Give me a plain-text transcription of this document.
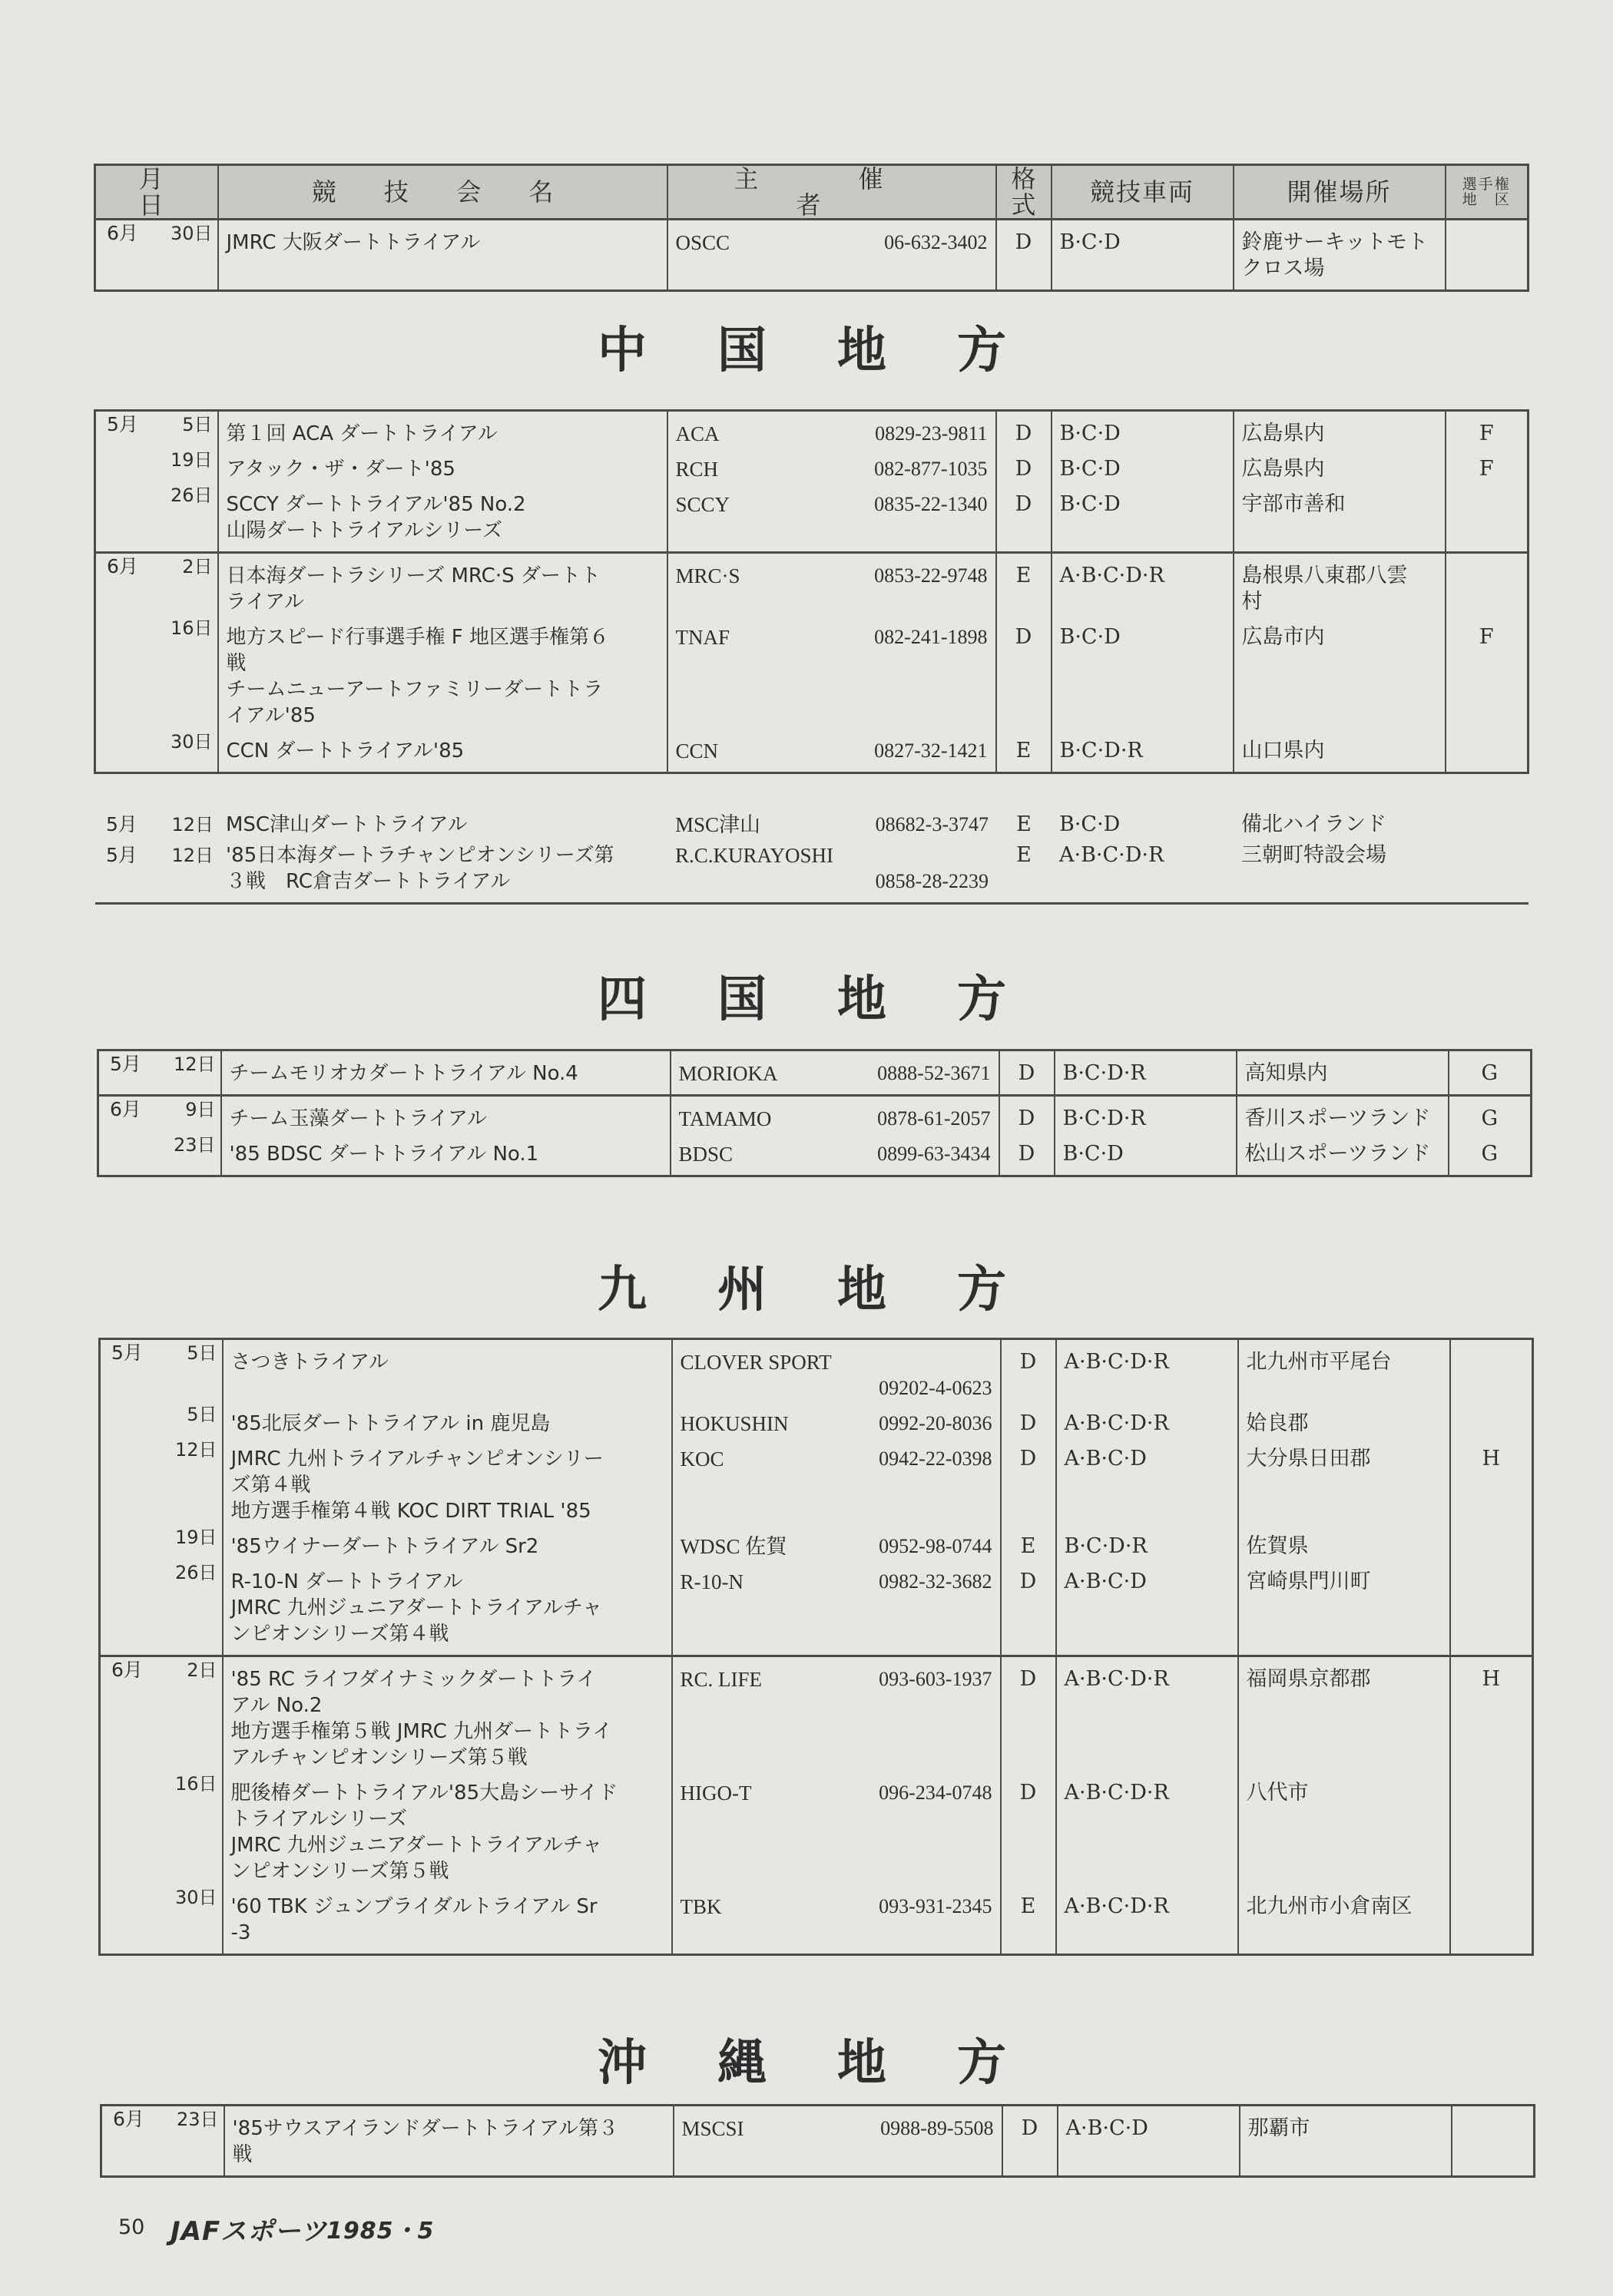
月　日	競 技 会 名	主 催 者	格式	競技車両	開催場所	選手権
地　区

6月 30日	JMRC 大阪ダートトライアル	OSCC 06-632-3402	D	B·C·D	鈴鹿サーキットモト
クロス場	
中国地方
5月 5日	第１回 ACA ダートトライアル	ACA 0829-23-9811	D	B·C·D	広島県内	F

19日	アタック・ザ・ダート'85	RCH 082-877-1035	D	B·C·D	広島県内	F

26日	SCCY ダートトライアル'85 No.2
山陽ダートトライアルシリーズ	SCCY 0835-22-1340	D	B·C·D	宇部市善和	

6月 2日	日本海ダートラシリーズ MRC·S ダートト
ライアル	MRC·S 0853-22-9748	E	A·B·C·D·R	島根県八東郡八雲
村	

16日	地方スピード行事選手権 F 地区選手権第６
戦
チームニューアートファミリーダートトラ
イアル'85	TNAF 082-241-1898	D	B·C·D	広島市内	F

30日	CCN ダートトライアル'85	CCN 0827-32-1421	E	B·C·D·R	山口県内	
5月 12日	MSC津山ダートトライアル	MSC津山 08682-3-3747	E	B·C·D	備北ハイランド	

5月 12日	'85日本海ダートラチャンピオンシリーズ第
３戦　RC倉吉ダートトライアル	R.C.KURAYOSHI

0858-28-2239	E	A·B·C·D·R	三朝町特設会場	
四国地方
5月 12日	チームモリオカダートトライアル No.4	MORIOKA 0888-52-3671	D	B·C·D·R	高知県内	G

6月 9日	チーム玉藻ダートトライアル	TAMAMO 0878-61-2057	D	B·C·D·R	香川スポーツランド	G

23日	'85 BDSC ダートトライアル No.1	BDSC 0899-63-3434	D	B·C·D	松山スポーツランド	G
九州地方
5月 5日	さつきトライアル	CLOVER SPORT

09202-4-0623	D	A·B·C·D·R	北九州市平尾台	

5日	'85北辰ダートトライアル in 鹿児島	HOKUSHIN 0992-20-8036	D	A·B·C·D·R	姶良郡	

12日	JMRC 九州トライアルチャンピオンシリー
ズ第４戦
地方選手権第４戦 KOC DIRT TRIAL '85	KOC 0942-22-0398	D	A·B·C·D	大分県日田郡	H

19日	'85ウイナーダートトライアル Sr2	WDSC 佐賀 0952-98-0744	E	B·C·D·R	佐賀県	

26日	R-10-N ダートトライアル
JMRC 九州ジュニアダートトライアルチャ
ンピオンシリーズ第４戦	R-10-N 0982-32-3682	D	A·B·C·D	宮崎県門川町	

6月 2日	'85 RC ライフダイナミックダートトライ
アル No.2
地方選手権第５戦 JMRC 九州ダートトライ
アルチャンピオンシリーズ第５戦	RC. LIFE 093-603-1937	D	A·B·C·D·R	福岡県京都郡	H

16日	肥後椿ダートトライアル'85大島シーサイド
トライアルシリーズ
JMRC 九州ジュニアダートトライアルチャ
ンピオンシリーズ第５戦	HIGO-T 096-234-0748	D	A·B·C·D·R	八代市	

30日	'60 TBK ジュンブライダルトライアル Sr
-3	TBK 093-931-2345	E	A·B·C·D·R	北九州市小倉南区	
沖縄地方
6月 23日	'85サウスアイランドダートトライアル第３
戦	
MSCSI	0988-89-5508	D	A·B·C·D	那覇市	
50 JAFスポーツ 1985・5
